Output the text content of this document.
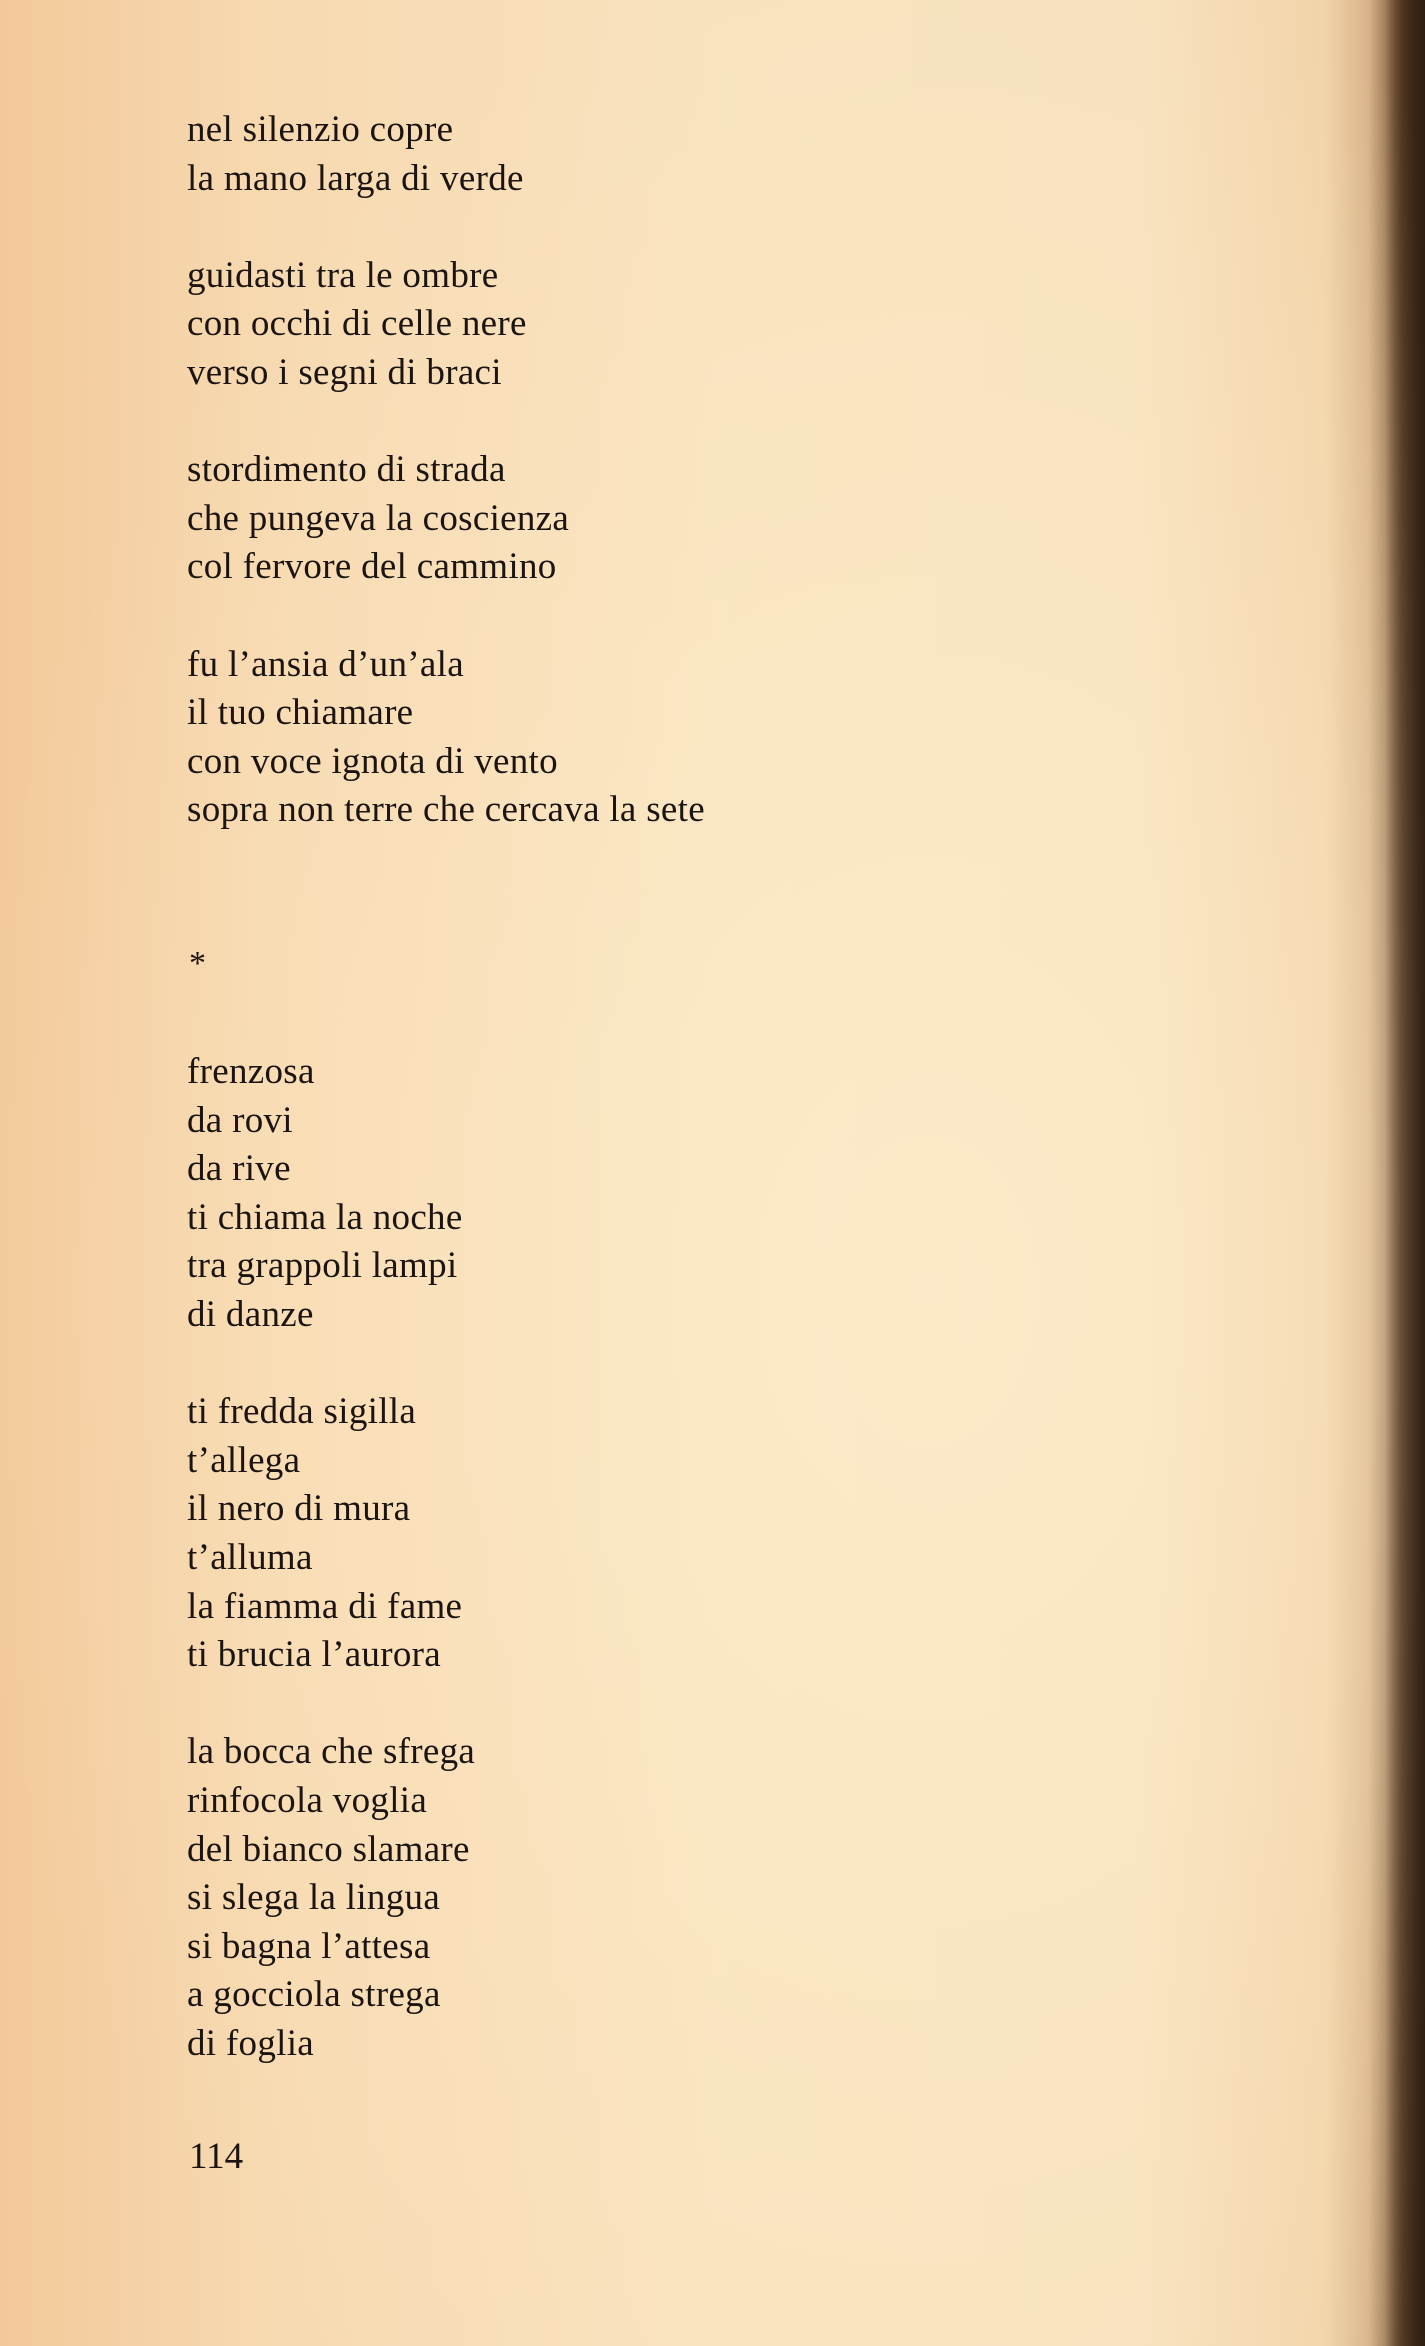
nel silenzio copre
la mano larga di verde
guidasti tra le ombre
con occhi di celle nere
verso i segni di braci
stordimento di strada
che pungeva la coscienza
col fervore del cammino
fu l’ansia d’un’ala
il tuo chiamare
con voce ignota di vento
sopra non terre che cercava la sete
*
frenzosa
da rovi
da rive
ti chiama la noche
tra grappoli lampi
di danze
ti fredda sigilla
t’allega
il nero di mura
t’alluma
la fiamma di fame
ti brucia l’aurora
la bocca che sfrega
rinfocola voglia
del bianco slamare
si slega la lingua
si bagna l’attesa
a gocciola strega
di foglia
114
